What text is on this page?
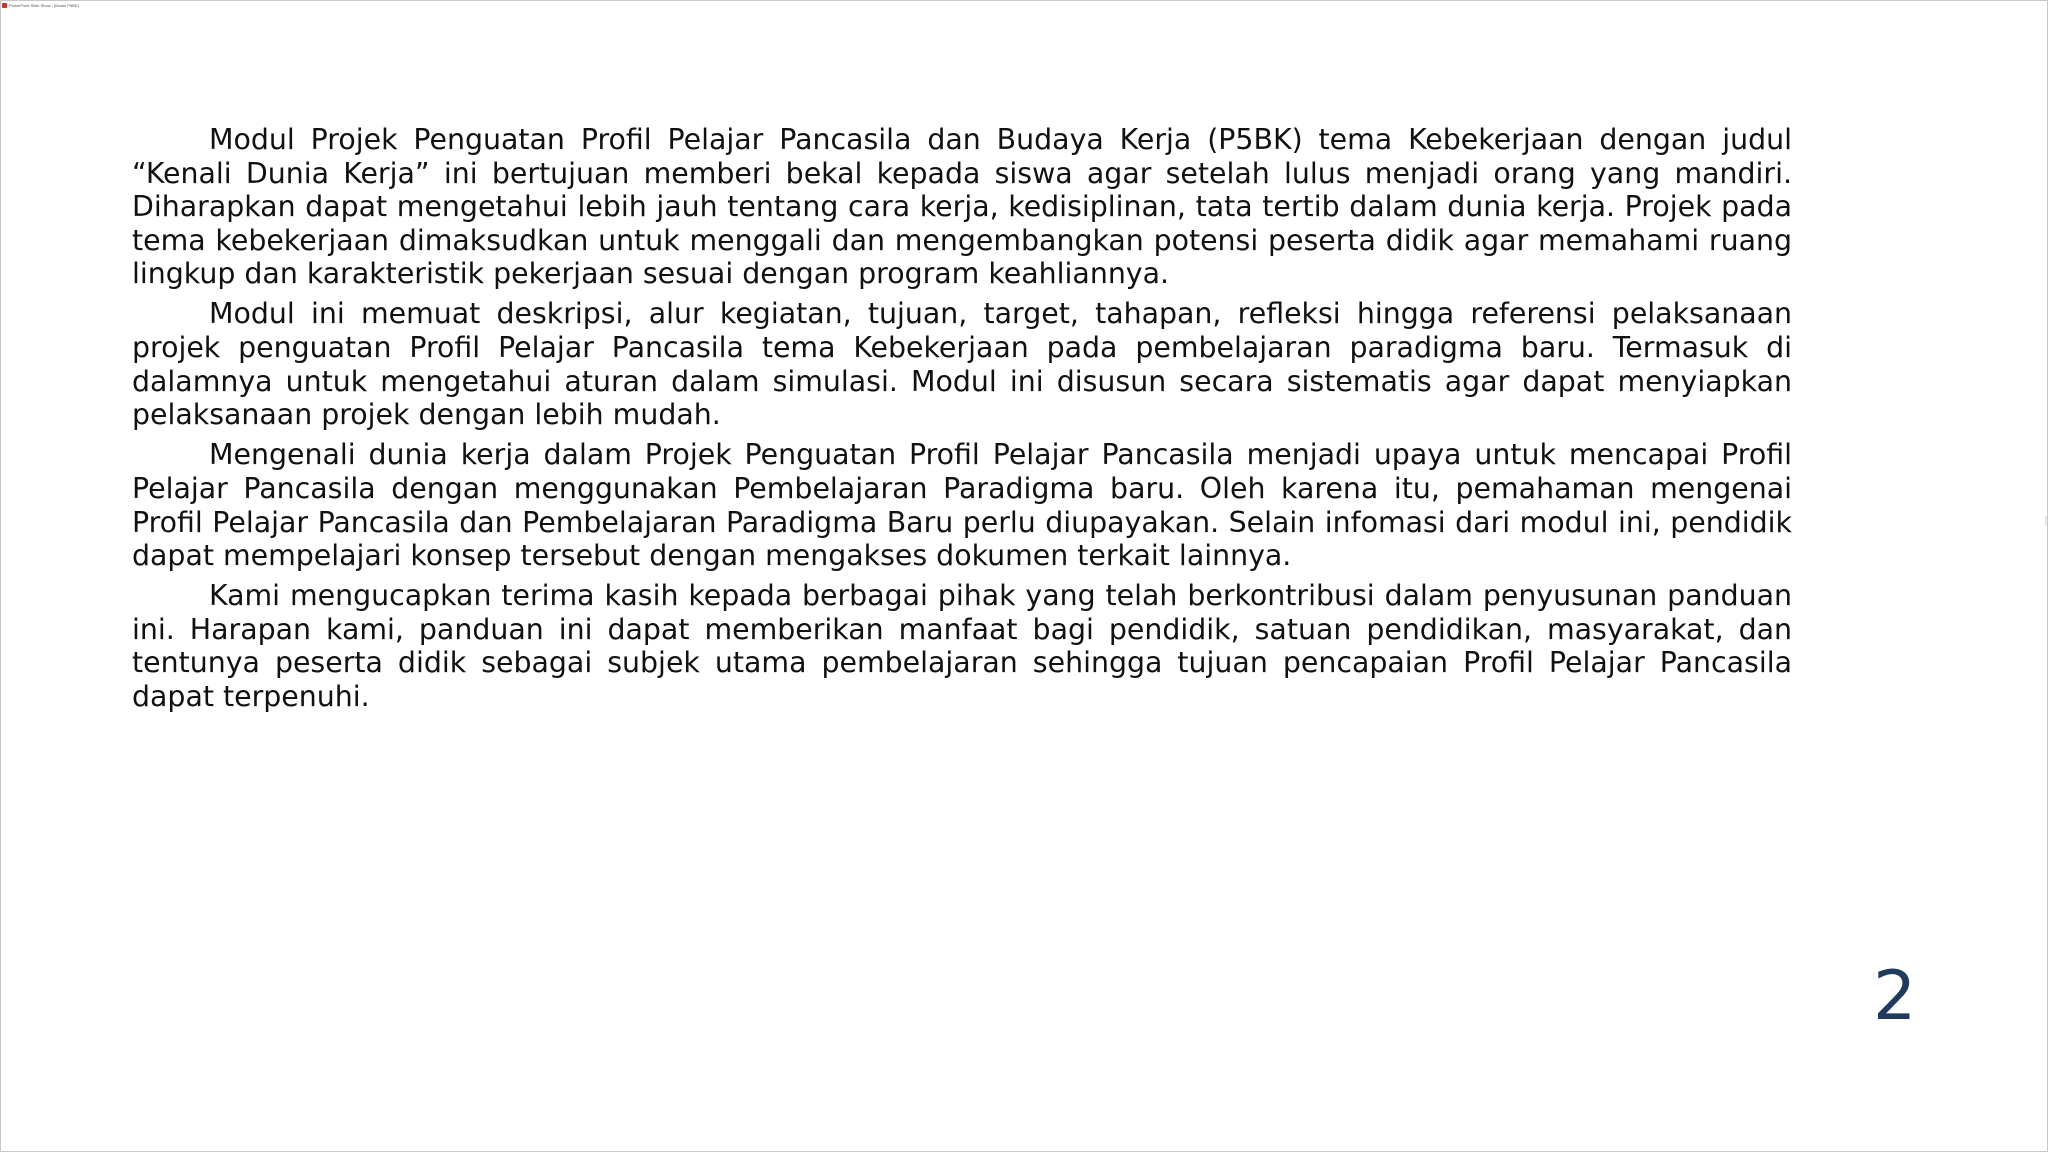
PowerPoint Slide Show - [Modul P5BK]

Modul Projek Penguatan Profil Pelajar Pancasila dan Budaya Kerja (P5BK) tema Kebekerjaan dengan judul “Kenali Dunia Kerja” ini bertujuan memberi bekal kepada siswa agar setelah lulus menjadi orang yang mandiri. Diharapkan dapat mengetahui lebih jauh tentang cara kerja, kedisiplinan, tata tertib dalam dunia kerja. Projek pada tema kebekerjaan dimaksudkan untuk menggali dan mengembangkan potensi peserta didik agar memahami ruang lingkup dan karakteristik pekerjaan sesuai dengan program keahliannya.

Modul ini memuat deskripsi, alur kegiatan, tujuan, target, tahapan, refleksi hingga referensi pelaksanaan projek penguatan Profil Pelajar Pancasila tema Kebekerjaan pada pembelajaran paradigma baru. Termasuk di dalamnya untuk mengetahui aturan dalam simulasi. Modul ini disusun secara sistematis agar dapat menyiapkan pelaksanaan projek dengan lebih mudah.

Mengenali dunia kerja dalam Projek Penguatan Profil Pelajar Pancasila menjadi upaya untuk mencapai Profil Pelajar Pancasila dengan menggunakan Pembelajaran Paradigma baru. Oleh karena itu, pemahaman mengenai Profil Pelajar Pancasila dan Pembelajaran Paradigma Baru perlu diupayakan. Selain infomasi dari modul ini, pendidik dapat mempelajari konsep tersebut dengan mengakses dokumen terkait lainnya.

Kami mengucapkan terima kasih kepada berbagai pihak yang telah berkontribusi dalam penyusunan panduan ini. Harapan kami, panduan ini dapat memberikan manfaat bagi pendidik, satuan pendidikan, masyarakat, dan tentunya peserta didik sebagai subjek utama pembelajaran sehingga tujuan pencapaian Profil Pelajar Pancasila dapat terpenuhi.

2
